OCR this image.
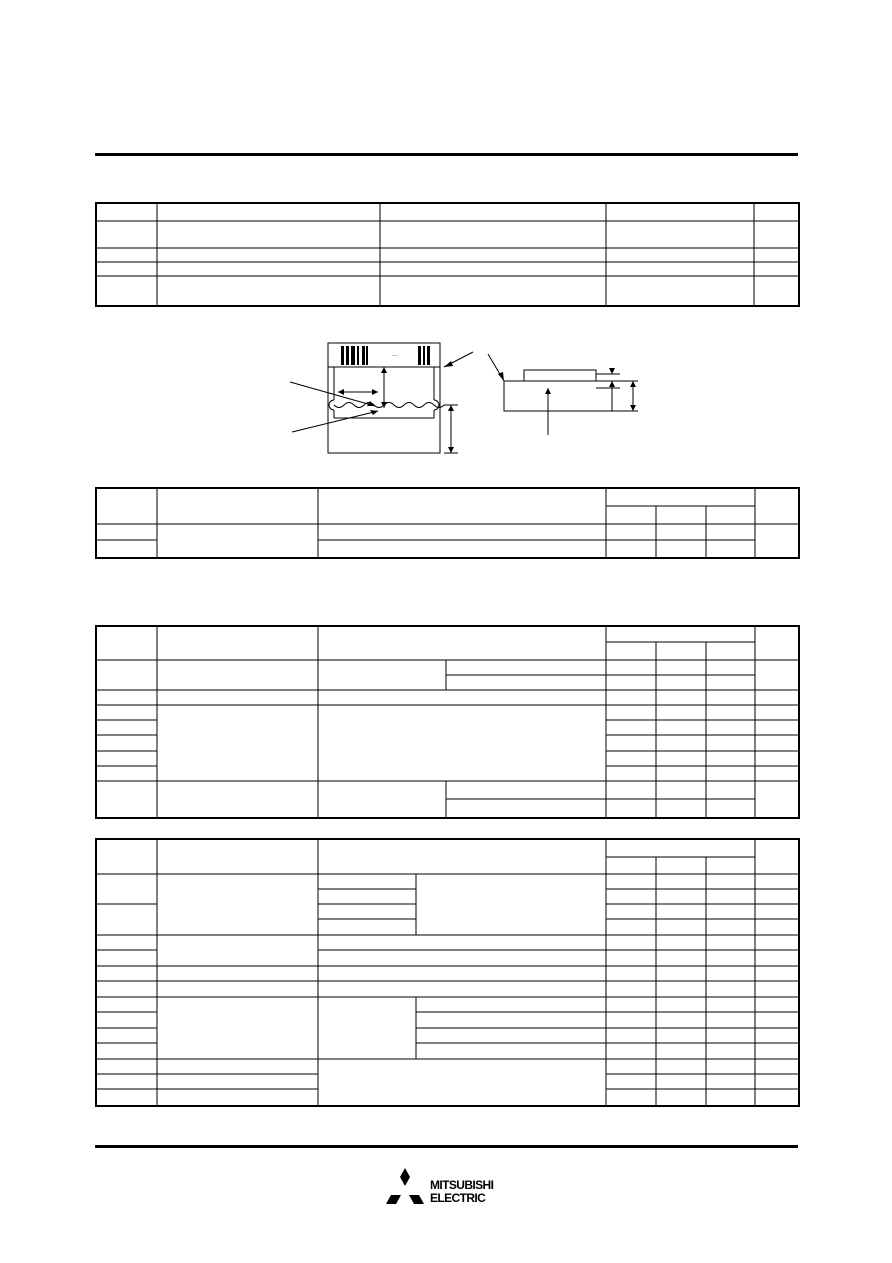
…
MITSUBISHI
ELECTRIC
